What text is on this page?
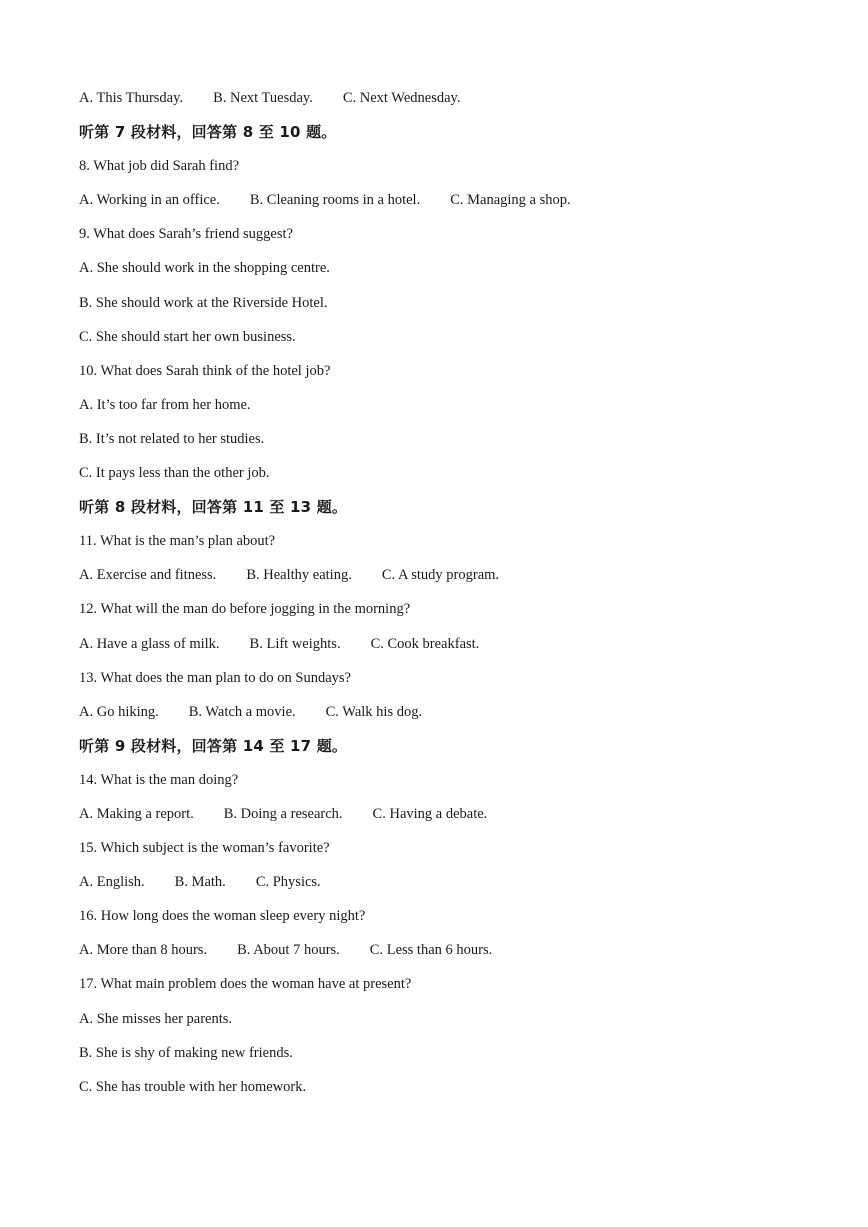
A. This Thursday. B. Next Tuesday. C. Next Wednesday.
听第 7 段材料，回答第 8 至 10 题。
8. What job did Sarah find?
A. Working in an office. B. Cleaning rooms in a hotel. C. Managing a shop.
9. What does Sarah’s friend suggest?
A. She should work in the shopping centre.
B. She should work at the Riverside Hotel.
C. She should start her own business.
10. What does Sarah think of the hotel job?
A. It’s too far from her home.
B. It’s not related to her studies.
C. It pays less than the other job.
听第 8 段材料，回答第 11 至 13 题。
11. What is the man’s plan about?
A. Exercise and fitness. B. Healthy eating. C. A study program.
12. What will the man do before jogging in the morning?
A. Have a glass of milk. B. Lift weights. C. Cook breakfast.
13. What does the man plan to do on Sundays?
A. Go hiking. B. Watch a movie. C. Walk his dog.
听第 9 段材料，回答第 14 至 17 题。
14. What is the man doing?
A. Making a report. B. Doing a research. C. Having a debate.
15. Which subject is the woman’s favorite?
A. English. B. Math. C. Physics.
16. How long does the woman sleep every night?
A. More than 8 hours. B. About 7 hours. C. Less than 6 hours.
17. What main problem does the woman have at present?
A. She misses her parents.
B. She is shy of making new friends.
C. She has trouble with her homework.
